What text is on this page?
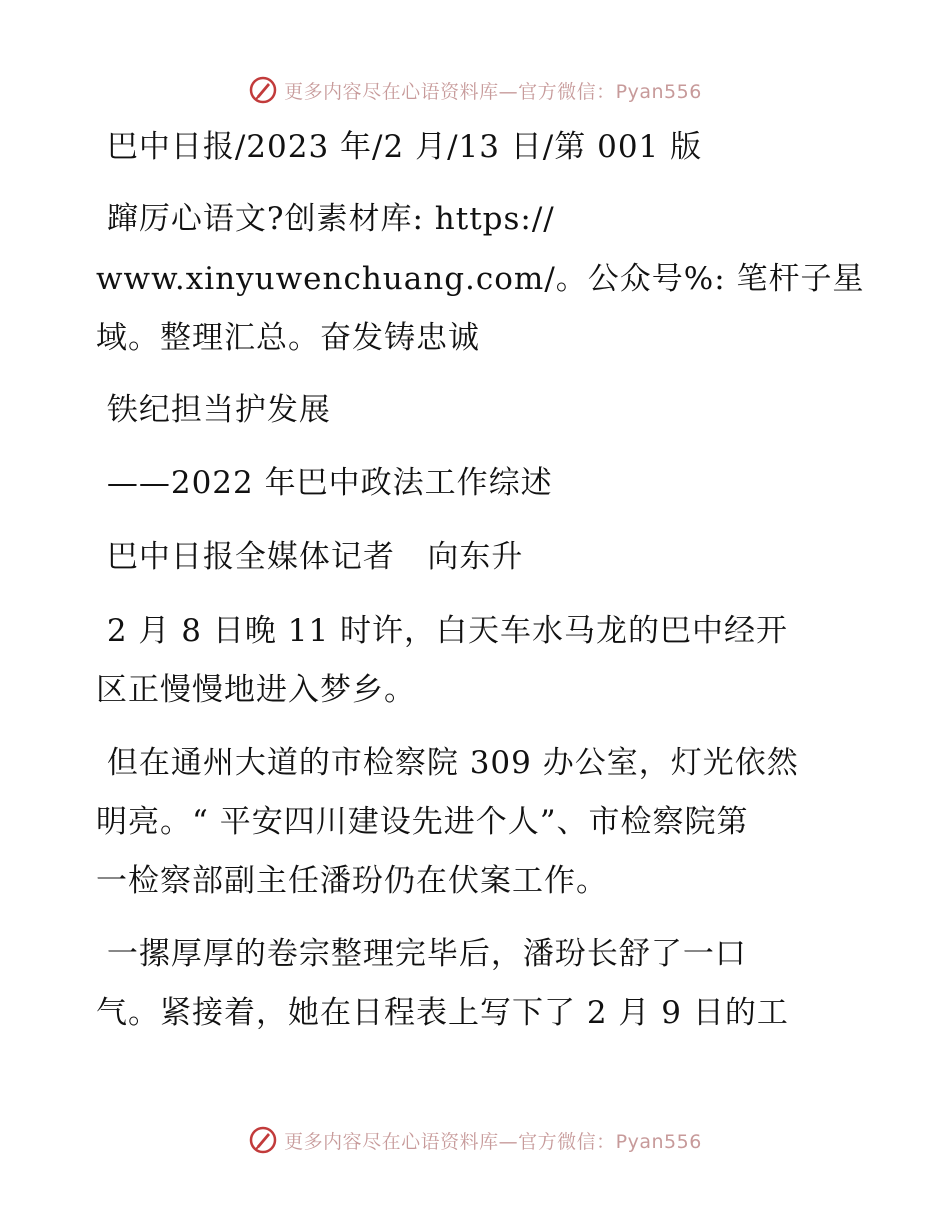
更多内容尽在心语资料库—官方微信：Pyan556
巴中日报/2023 年/2 月/13 日/第 001 版
蹿厉心语文?创素材库: https://
www.xinyuwenchuang.com/。公众号%: 笔杆子星
域。整理汇总。奋发铸忠诚
铁纪担当护发展
——2022 年巴中政法工作综述
巴中日报全媒体记者   向东升
2 月 8 日晚 11 时许，白天车水马龙的巴中经开
区正慢慢地进入梦乡。
但在通州大道的市检察院 309 办公室，灯光依然
明亮。“ 平安四川建设先进个人”、市检察院第
一检察部副主任潘玢仍在伏案工作。
一摞厚厚的卷宗整理完毕后，潘玢长舒了一口
气。紧接着，她在日程表上写下了 2 月 9 日的工
更多内容尽在心语资料库—官方微信：Pyan556
